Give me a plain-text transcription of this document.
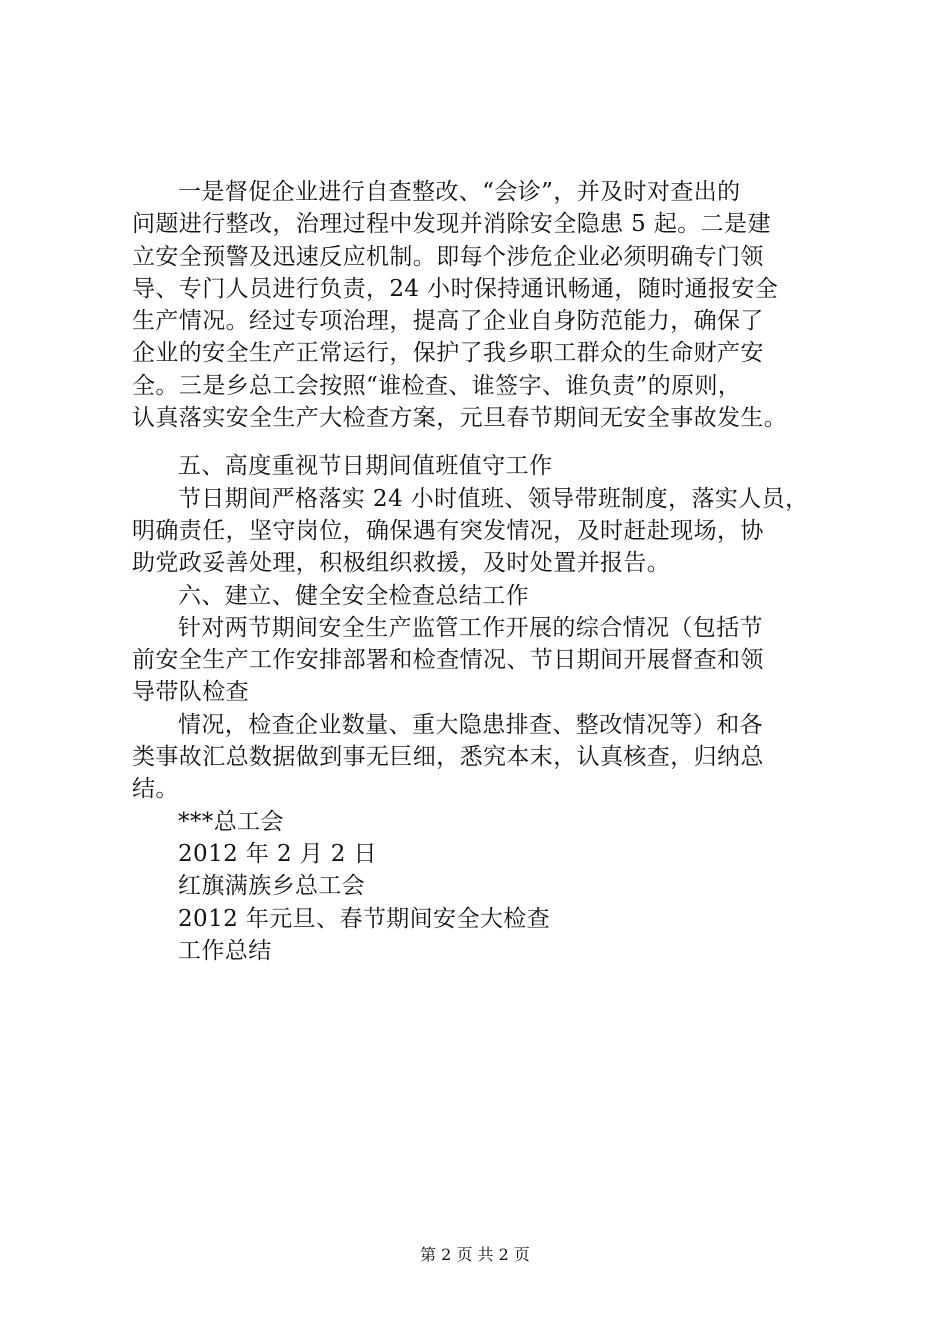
一是督促企业进行自查整改、“会诊”，并及时对查出的
问题进行整改，治理过程中发现并消除安全隐患 5 起。二是建
立安全预警及迅速反应机制。即每个涉危企业必须明确专门领
导、专门人员进行负责，24 小时保持通讯畅通，随时通报安全
生产情况。经过专项治理，提高了企业自身防范能力，确保了
企业的安全生产正常运行，保护了我乡职工群众的生命财产安
全。三是乡总工会按照“谁检查、谁签字、谁负责”的原则，
认真落实安全生产大检查方案，元旦春节期间无安全事故发生。
五、高度重视节日期间值班值守工作
节日期间严格落实 24 小时值班、领导带班制度，落实人员，
明确责任，坚守岗位，确保遇有突发情况，及时赶赴现场，协
助党政妥善处理，积极组织救援，及时处置并报告。
六、建立、健全安全检查总结工作
针对两节期间安全生产监管工作开展的综合情况（包括节
前安全生产工作安排部署和检查情况、节日期间开展督查和领
导带队检查
情况，检查企业数量、重大隐患排查、整改情况等）和各
类事故汇总数据做到事无巨细，悉究本末，认真核查，归纳总
结。
***总工会
2012 年 2 月 2 日
红旗满族乡总工会
2012 年元旦、春节期间安全大检查
工作总结
第 2 页 共 2 页
